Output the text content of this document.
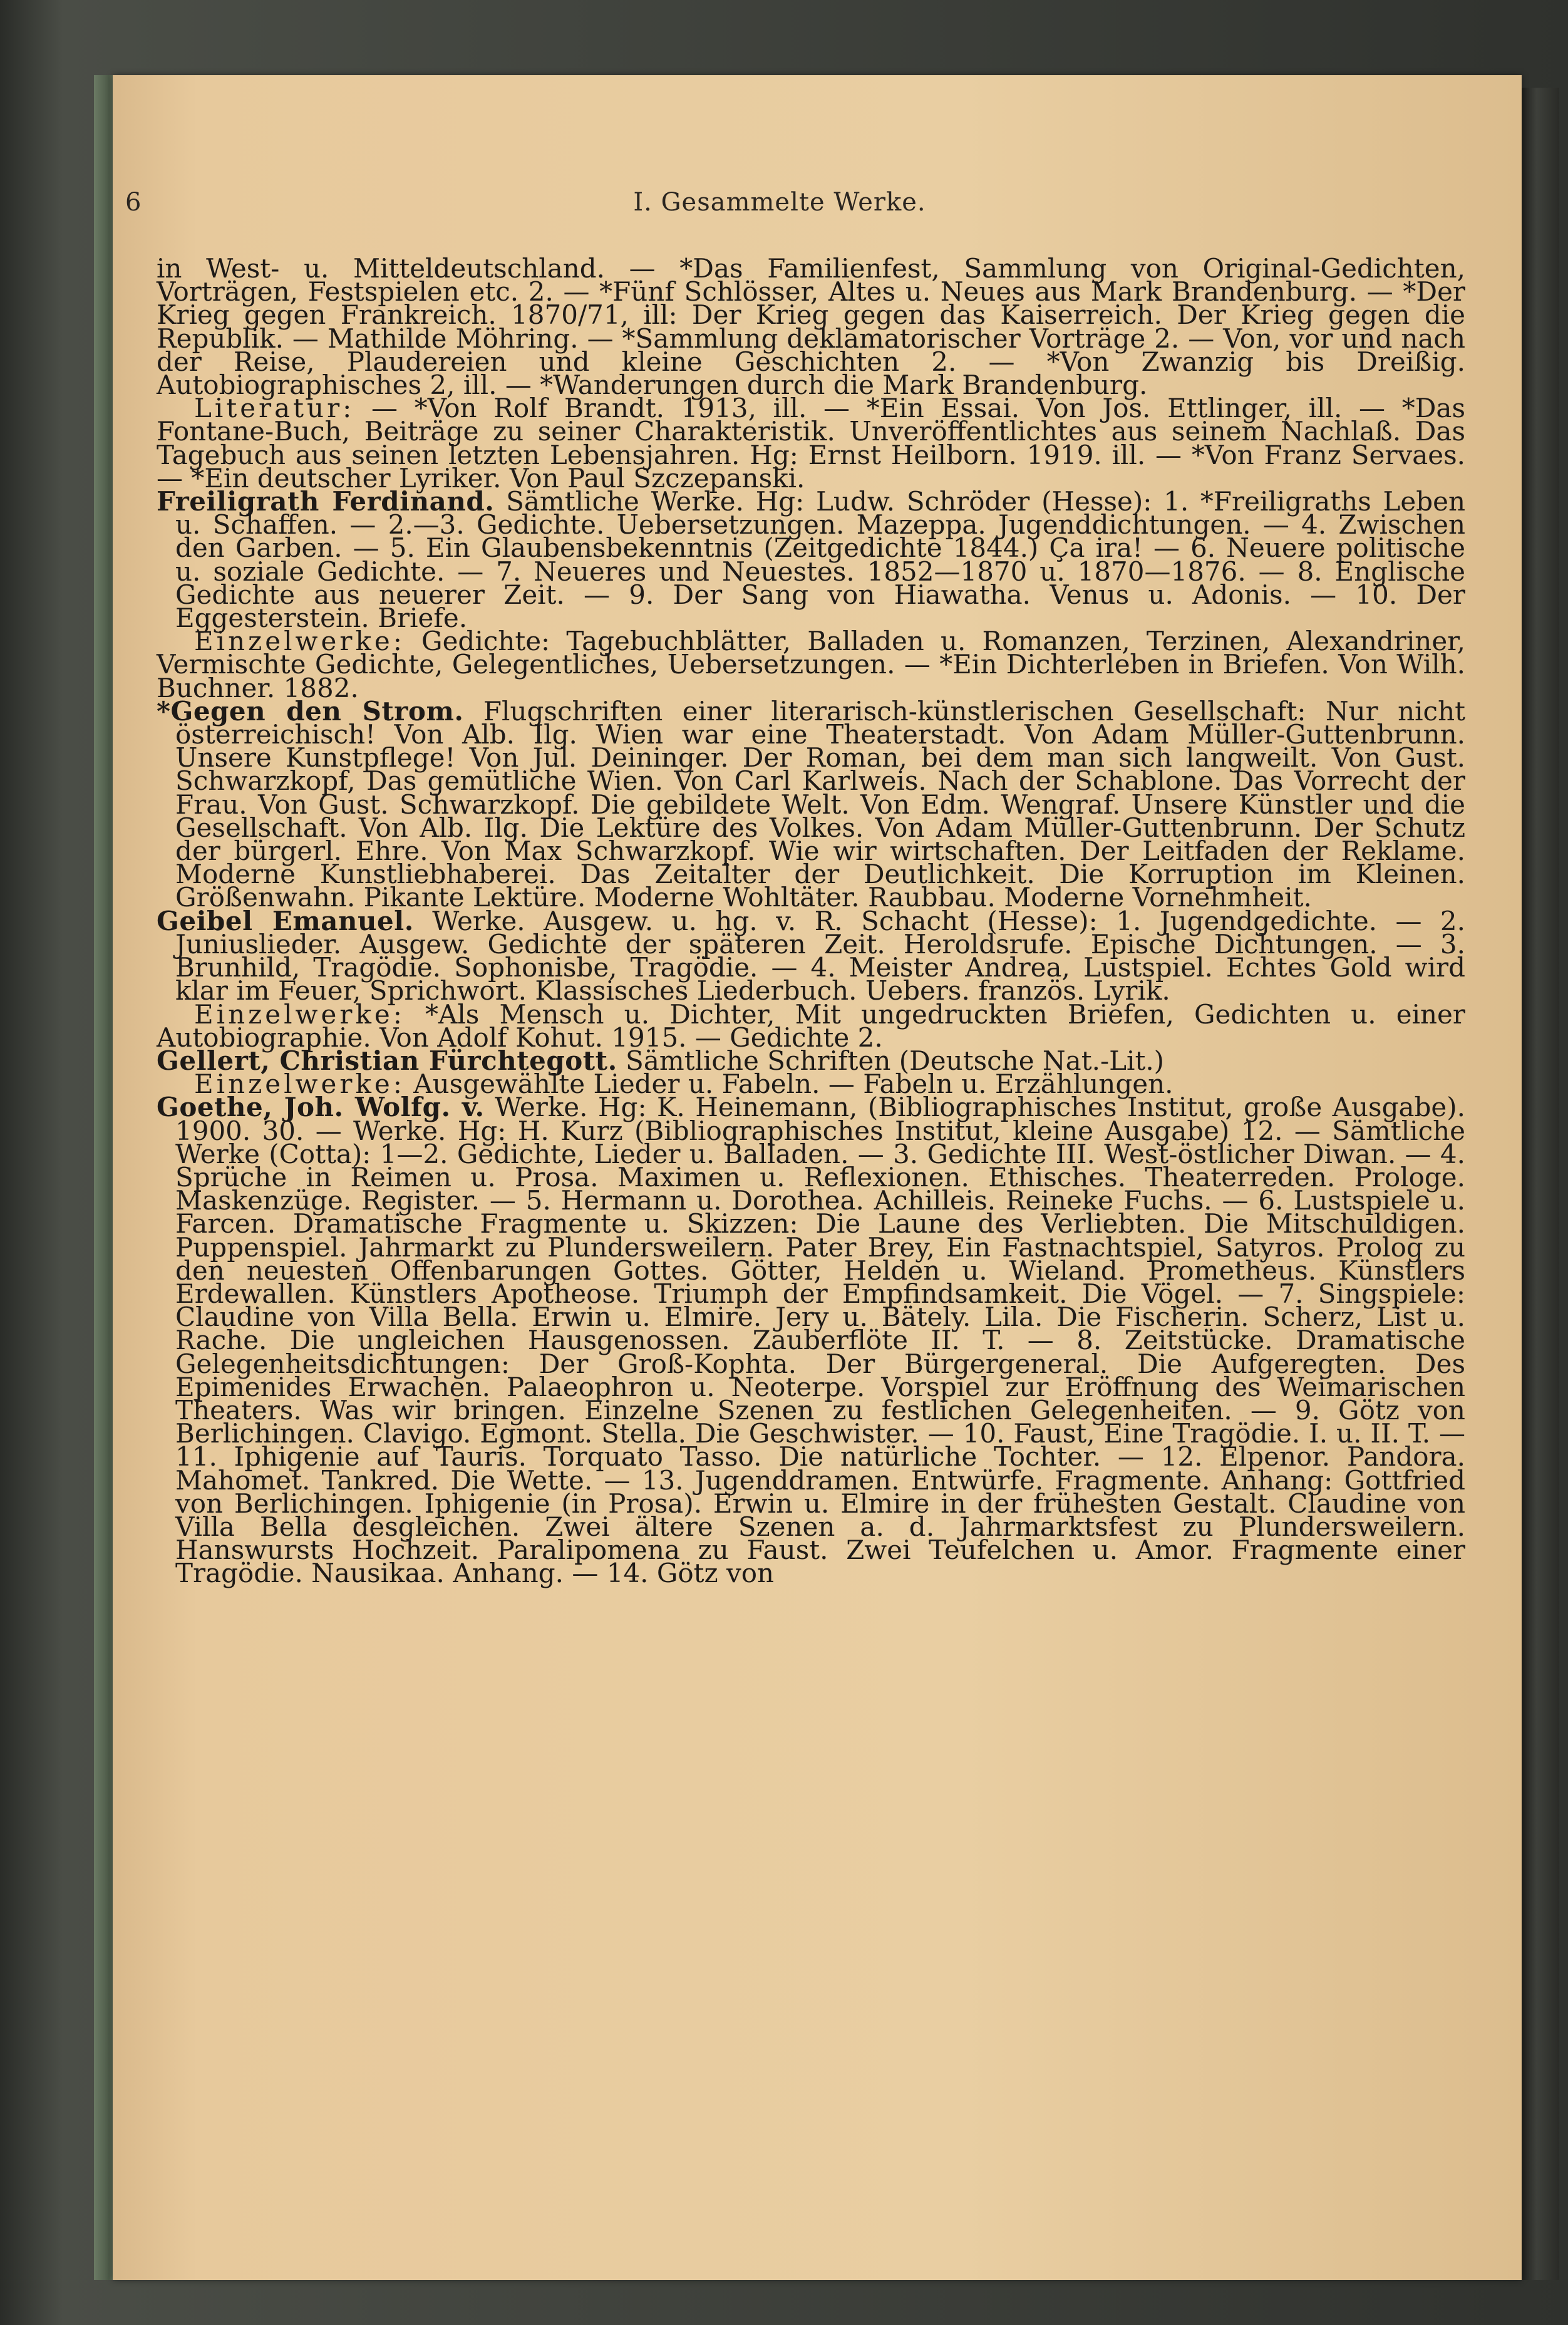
6	I. Gesammelte Werke.

in West- u. Mitteldeutschland. — *Das Familienfest, Sammlung von Original-Gedichten, Vorträgen, Festspielen etc. 2. — *Fünf Schlösser, Altes u. Neues aus Mark Brandenburg. — *Der Krieg gegen Frankreich. 1870/71, ill: Der Krieg gegen das Kaiserreich. Der Krieg gegen die Republik. — Mathilde Möhring. — *Sammlung deklamatorischer Vorträge 2. — Von, vor und nach der Reise, Plaudereien und kleine Geschichten 2. — *Von Zwanzig bis Dreißig. Autobiographisches 2, ill. — *Wanderungen durch die Mark Brandenburg.

Literatur: — *Von Rolf Brandt. 1913, ill. — *Ein Essai. Von Jos. Ettlinger, ill. — *Das Fontane-Buch, Beiträge zu seiner Charakteristik. Unveröffentlichtes aus seinem Nachlaß. Das Tagebuch aus seinen letzten Lebensjahren. Hg: Ernst Heilborn. 1919. ill. — *Von Franz Servaes. — *Ein deutscher Lyriker. Von Paul Szczepanski.

Freiligrath Ferdinand. Sämtliche Werke. Hg: Ludw. Schröder (Hesse): 1. *Freiligraths Leben u. Schaffen. — 2.—3. Gedichte. Uebersetzungen. Mazeppa. Jugenddichtungen. — 4. Zwischen den Garben. — 5. Ein Glaubensbekenntnis (Zeitgedichte 1844.) Ça ira! — 6. Neuere politische u. soziale Gedichte. — 7. Neueres und Neuestes. 1852—1870 u. 1870—1876. — 8. Englische Gedichte aus neuerer Zeit. — 9. Der Sang von Hiawatha. Venus u. Adonis. — 10. Der Eggesterstein. Briefe.

Einzelwerke: Gedichte: Tagebuchblätter, Balladen u. Romanzen, Terzinen, Alexandriner, Vermischte Gedichte, Gelegentliches, Uebersetzungen. — *Ein Dichterleben in Briefen. Von Wilh. Buchner. 1882.

*Gegen den Strom. Flugschriften einer literarisch-künstlerischen Gesellschaft: Nur nicht österreichisch! Von Alb. Ilg. Wien war eine Theaterstadt. Von Adam Müller-Guttenbrunn. Unsere Kunstpflege! Von Jul. Deininger. Der Roman, bei dem man sich langweilt. Von Gust. Schwarzkopf, Das gemütliche Wien. Von Carl Karlweis. Nach der Schablone. Das Vorrecht der Frau. Von Gust. Schwarzkopf. Die gebildete Welt. Von Edm. Wengraf. Unsere Künstler und die Gesellschaft. Von Alb. Ilg. Die Lektüre des Volkes. Von Adam Müller-Guttenbrunn. Der Schutz der bürgerl. Ehre. Von Max Schwarzkopf. Wie wir wirtschaften. Der Leitfaden der Reklame. Moderne Kunstliebhaberei. Das Zeitalter der Deutlichkeit. Die Korruption im Kleinen. Größenwahn. Pikante Lektüre. Moderne Wohltäter. Raubbau. Moderne Vornehmheit.

Geibel Emanuel. Werke. Ausgew. u. hg. v. R. Schacht (Hesse): 1. Jugendgedichte. — 2. Juniuslieder. Ausgew. Gedichte der späteren Zeit. Heroldsrufe. Epische Dichtungen. — 3. Brunhild, Tragödie. Sophonisbe, Tragödie. — 4. Meister Andrea, Lustspiel. Echtes Gold wird klar im Feuer, Sprichwort. Klassisches Liederbuch. Uebers. französ. Lyrik.

Einzelwerke: *Als Mensch u. Dichter, Mit ungedruckten Briefen, Gedichten u. einer Autobiographie. Von Adolf Kohut. 1915. — Gedichte 2.

Gellert, Christian Fürchtegott. Sämtliche Schriften (Deutsche Nat.-Lit.)

Einzelwerke: Ausgewählte Lieder u. Fabeln. — Fabeln u. Erzählungen.

Goethe, Joh. Wolfg. v. Werke. Hg: K. Heinemann, (Bibliographisches Institut, große Ausgabe). 1900. 30. — Werke. Hg: H. Kurz (Bibliographisches Institut, kleine Ausgabe) 12. — Sämtliche Werke (Cotta): 1—2. Gedichte, Lieder u. Balladen. — 3. Gedichte III. West-östlicher Diwan. — 4. Sprüche in Reimen u. Prosa. Maximen u. Reflexionen. Ethisches. Theaterreden. Prologe. Maskenzüge. Register. — 5. Hermann u. Dorothea. Achilleis. Reineke Fuchs. — 6. Lustspiele u. Farcen. Dramatische Fragmente u. Skizzen: Die Laune des Verliebten. Die Mitschuldigen. Puppenspiel. Jahrmarkt zu Plundersweilern. Pater Brey, Ein Fastnachtspiel, Satyros. Prolog zu den neuesten Offenbarungen Gottes. Götter, Helden u. Wieland. Prometheus. Künstlers Erdewallen. Künstlers Apotheose. Triumph der Empfindsamkeit. Die Vögel. — 7. Singspiele: Claudine von Villa Bella. Erwin u. Elmire. Jery u. Bätely. Lila. Die Fischerin. Scherz, List u. Rache. Die ungleichen Hausgenossen. Zauberflöte II. T. — 8. Zeitstücke. Dramatische Gelegenheitsdichtungen: Der Groß-Kophta. Der Bürgergeneral. Die Aufgeregten. Des Epimenides Erwachen. Palaeophron u. Neoterpe. Vorspiel zur Eröffnung des Weimarischen Theaters. Was wir bringen. Einzelne Szenen zu festlichen Gelegenheiten. — 9. Götz von Berlichingen. Clavigo. Egmont. Stella. Die Geschwister. — 10. Faust, Eine Tragödie. I. u. II. T. — 11. Iphigenie auf Tauris. Torquato Tasso. Die natürliche Tochter. — 12. Elpenor. Pandora. Mahomet. Tankred. Die Wette. — 13. Jugenddramen. Entwürfe. Fragmente. Anhang: Gottfried von Berlichingen. Iphigenie (in Prosa). Erwin u. Elmire in der frühesten Gestalt. Claudine von Villa Bella desgleichen. Zwei ältere Szenen a. d. Jahrmarktsfest zu Plundersweilern. Hanswursts Hochzeit. Paralipomena zu Faust. Zwei Teufelchen u. Amor. Fragmente einer Tragödie. Nausikaa. Anhang. — 14. Götz von
